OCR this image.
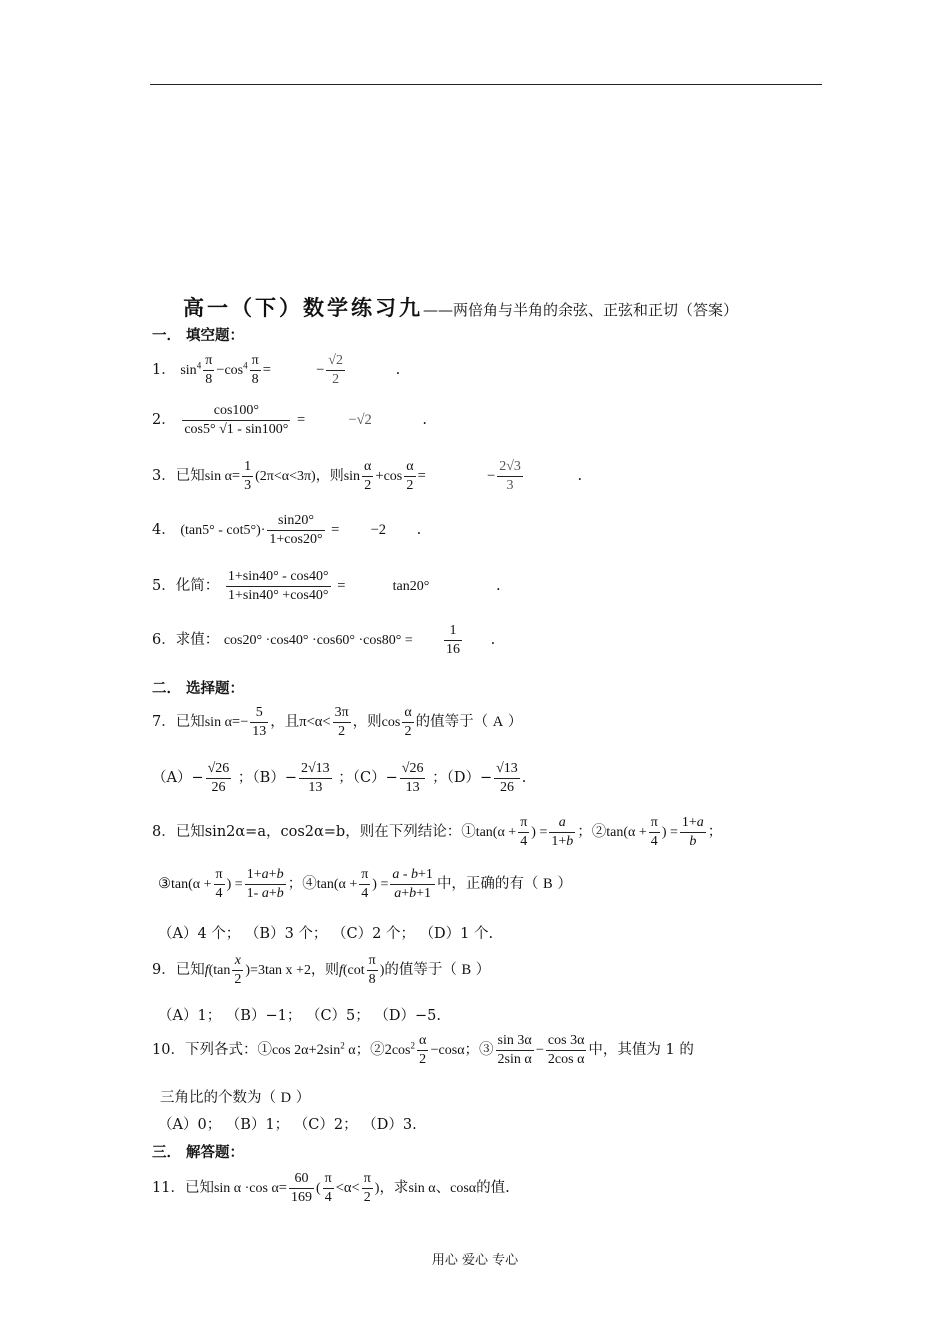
高一（下）数学练习九——两倍角与半角的余弦、正弦和正切（答案）
一． 填空题：
1． $\sin^4 \frac{\pi}{8} -\cos^4 \frac{\pi}{8}$ =	− $\frac{√2}{2}$	.
2． $\frac{\cos 100^\circ}{\cos 5^\circ √1 - \sin 100^\circ}$ =	−√2	.
3．已知$\sin \alpha= \frac{1}{3} (2\pi<\alpha<3\pi)$，则$\sin \frac{\alpha}{2} +\cos \frac{\alpha}{2}$ =	− $\frac{2√3}{3}$	.
4． $(\tan 5^\circ - \cot 5^\circ)\cdot \frac{\sin 20^\circ}{1+\cos 20^\circ} = -2$ .
5．化简： $\frac{1+\sin 40^\circ - \cos 40^\circ}{1+\sin 40^\circ +\cos 40^\circ}$ =	tan20°	.
6．求值： $\cos 20^\circ \cdot\cos 40^\circ \cdot\cos 60^\circ \cdot\cos 80^\circ = \frac{1}{16}$ .
二． 选择题：
7．已知$\sin \alpha=- \frac{5}{13}$ ，且$\pi<\alpha< \frac{3\pi}{2}$ ，则$\cos \frac{\alpha}{2}$ 的值等于（ A ）
$(A)- \frac{√26}{26}$ ；$(B)- \frac{2√13}{13}$ ；$(C)- \frac{√26}{13}$ ；$(D)- \frac{√13}{26}$ .
8．已知sin2α=a，cos2α=b，则在下列结论：①tan(α + $\frac{\pi}{4}$ ) = $\frac{a}{1+b}$ ；②tan(α + $\frac{\pi}{4}$ ) = $\frac{1+a}{b}$ ；
③tan(α + $\frac{\pi}{4}$ ) = $\frac{1+a+b}{1- a+b}$ ；④tan(α + $\frac{\pi}{4}$ ) = $\frac{a - b+1}{a+b+1}$ 中，正确的有（ B ）
（A）4 个； （B）3 个； （C）2 个； （D）1 个.
9．已知$f(\tan \frac{x}{2} )=3\tan$ x +2，则$f(\cot \frac{\pi}{8}$ )的值等于（ B ）
（A）1； （B）−1； （C）5； （D）−5.
10．下列各式：①cos $2\alpha+2\sin^2$ α；$②2\cos^2 \frac{\alpha}{2} -\cos\alpha$；③ $\frac{\sin 3\alpha}{\text{2sin α}} - \frac{\cos 3\alpha}{\text{2cos α}}$ 中，其值为 1 的
三角比的个数为（ D ）
（A）0； （B）1； （C）2； （D）3.
三． 解答题：
11．已知sin α ·cos $\alpha= \frac{60}{169}$ ( $\frac{\pi}{4} <\alpha< \frac{\pi}{2}$ )，求sin α、cosα的值.
用心 爱心 专心
